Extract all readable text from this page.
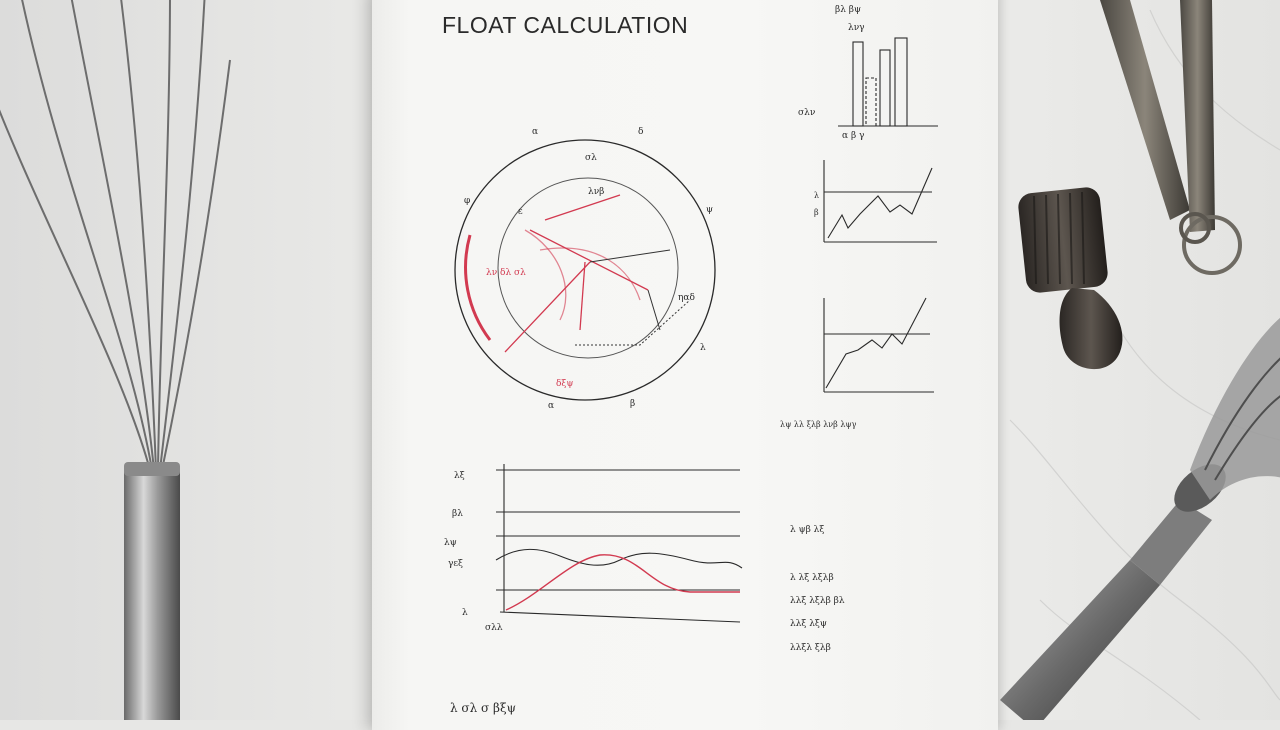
FLOAT CALCULATION
α	δ
σλ
ε	ψ
φ
λνβ
ηαδ
λ
α	β
λν δλ σλ
δξψ
βλ βψ
λνγ
σλν
α β γ
λ
β
λψ λλ ξλβ λνβ λψγ
λξ
βλ
λψ
γεξ
λ
σλλ
λ ψβ λξ
λ λξ λξλβ
λλξ λξλβ βλ
λλξ λξψ
λλξλ ξλβ
λ σλ σ βξψ
